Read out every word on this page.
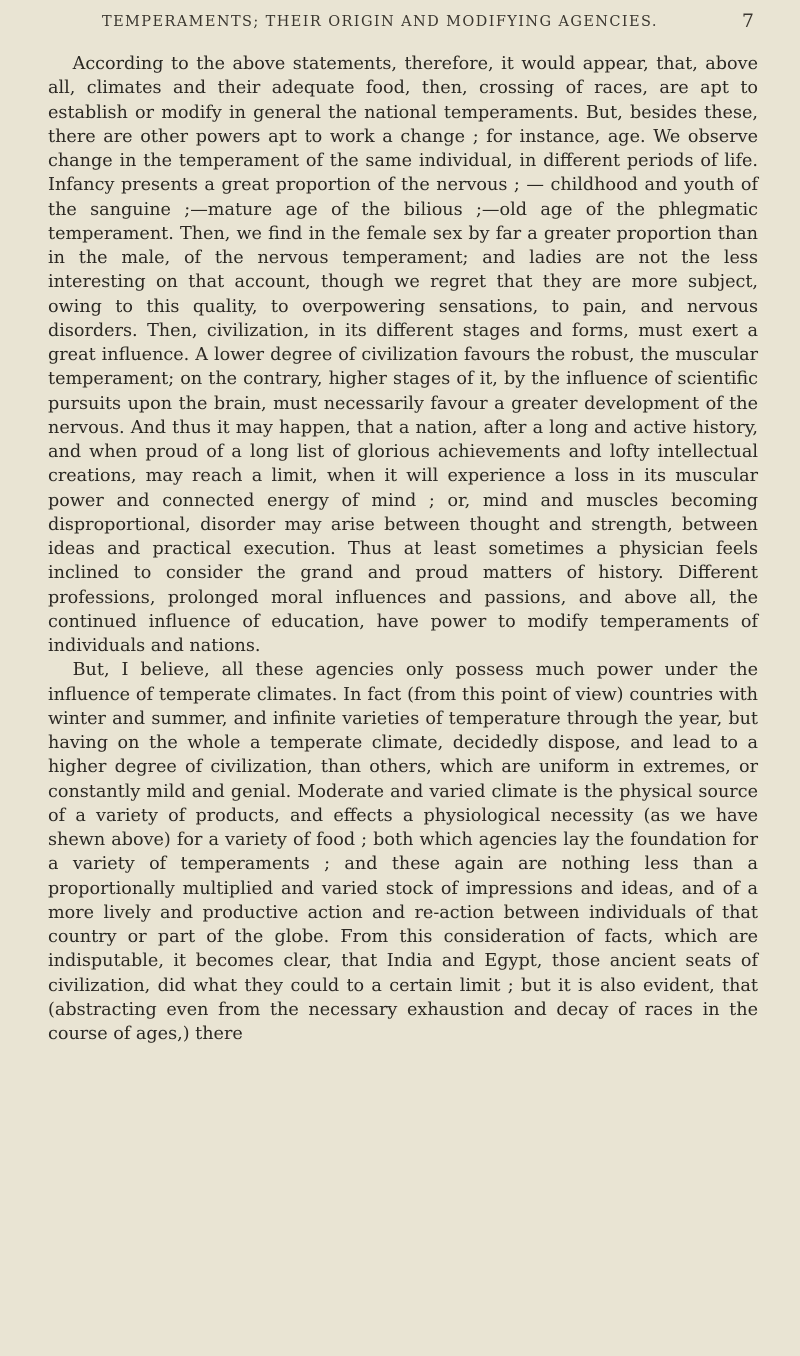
TEMPERAMENTS; THEIR ORIGIN AND MODIFYING AGENCIES.	7

According to the above statements, therefore, it would appear, that, above all, climates and their adequate food, then, crossing of races, are apt to establish or modify in general the national temperaments. But, besides these, there are other powers apt to work a change ; for instance, age. We observe change in the temperament of the same individual, in different periods of life. Infancy presents a great proportion of the nervous ; — childhood and youth of the sanguine ;—mature age of the bilious ;—old age of the phlegmatic temperament. Then, we find in the female sex by far a greater proportion than in the male, of the nervous temperament; and ladies are not the less interesting on that account, though we regret that they are more subject, owing to this quality, to overpowering sensations, to pain, and nervous disorders. Then, civilization, in its different stages and forms, must exert a great influence. A lower degree of civilization favours the robust, the muscular temperament; on the contrary, higher stages of it, by the influence of scientific pursuits upon the brain, must necessarily favour a greater development of the nervous. And thus it may happen, that a nation, after a long and active history, and when proud of a long list of glorious achievements and lofty intellectual creations, may reach a limit, when it will experience a loss in its muscular power and connected energy of mind ; or, mind and muscles becoming disproportional, disorder may arise between thought and strength, between ideas and practical execution. Thus at least sometimes a physician feels inclined to consider the grand and proud matters of history. Different professions, prolonged moral influences and passions, and above all, the continued influence of education, have power to modify temperaments of individuals and nations.

But, I believe, all these agencies only possess much power under the influence of temperate climates. In fact (from this point of view) countries with winter and summer, and infinite varieties of temperature through the year, but having on the whole a temperate climate, decidedly dispose, and lead to a higher degree of civilization, than others, which are uniform in extremes, or constantly mild and genial. Moderate and varied climate is the physical source of a variety of products, and effects a physiological necessity (as we have shewn above) for a variety of food ; both which agencies lay the foundation for a variety of temperaments ; and these again are nothing less than a proportionally multiplied and varied stock of impressions and ideas, and of a more lively and productive action and re-action between individuals of that country or part of the globe. From this consideration of facts, which are indisputable, it becomes clear, that India and Egypt, those ancient seats of civilization, did what they could to a certain limit ; but it is also evident, that (abstracting even from the necessary exhaustion and decay of races in the course of ages,) there
